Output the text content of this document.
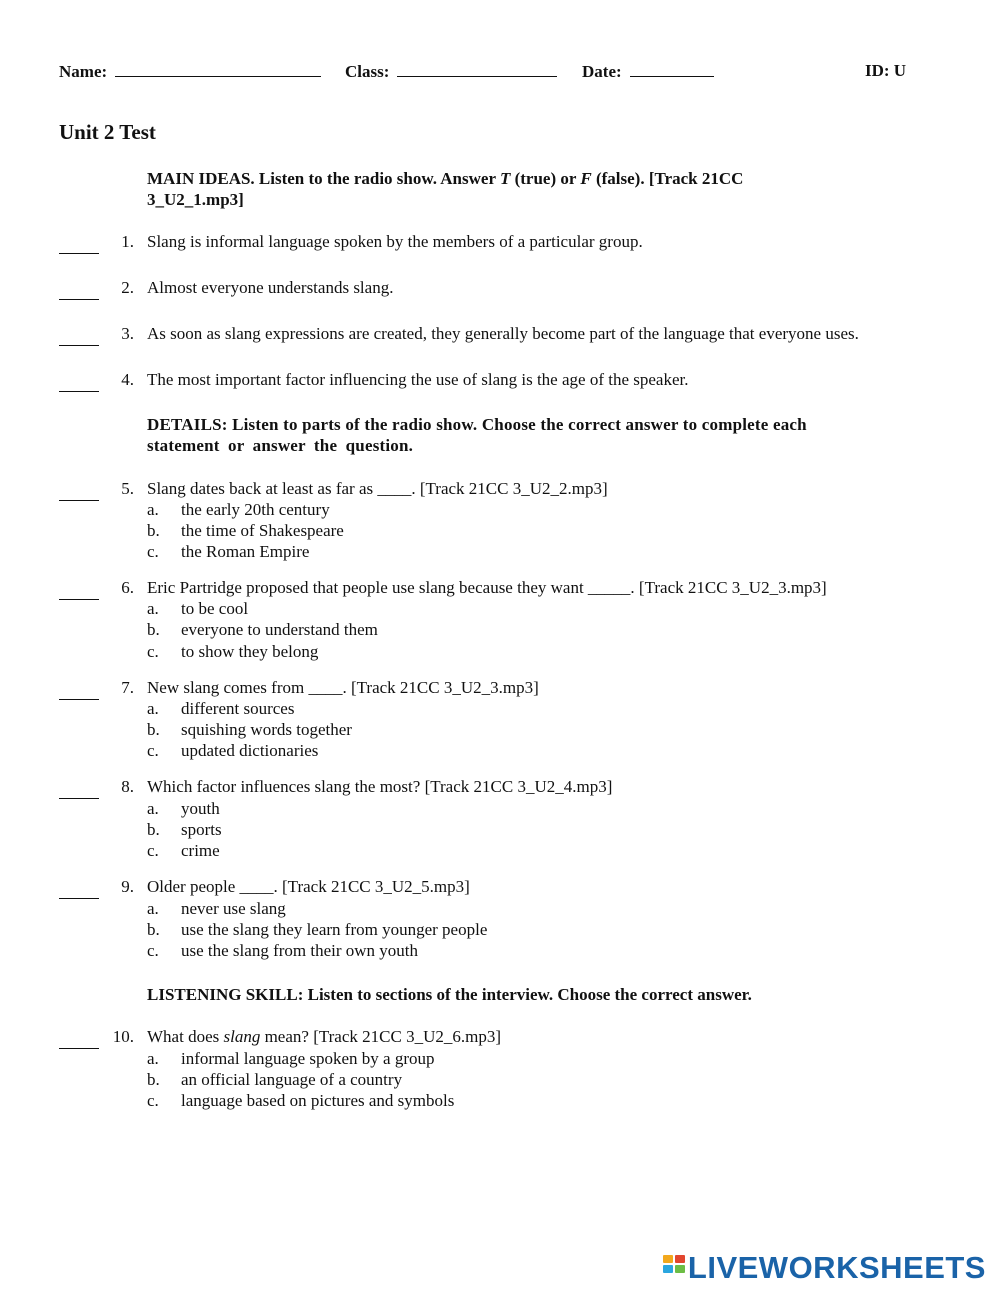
Name:	Class:	Date:	ID: U
Unit 2 Test
MAIN IDEAS. Listen to the radio show. Answer T (true) or F (false). [Track 21CC
3_U2_1.mp3]

1. Slang is informal language spoken by the members of a particular group.

2. Almost everyone understands slang.

3. As soon as slang expressions are created, they generally become part of the language that everyone uses.

4. The most important factor influencing the use of slang is the age of the speaker.
DETAILS: Listen to parts of the radio show. Choose the correct answer to complete each
statement or answer the question.

5. Slang dates back at least as far as ____. [Track 21CC 3_U2_2.mp3]
a. the early 20th century
b. the time of Shakespeare
c. the Roman Empire

6. Eric Partridge proposed that people use slang because they want _____. [Track 21CC 3_U2_3.mp3]
a. to be cool
b. everyone to understand them
c. to show they belong

7. New slang comes from ____. [Track 21CC 3_U2_3.mp3]
a. different sources
b. squishing words together
c. updated dictionaries

8. Which factor influences slang the most? [Track 21CC 3_U2_4.mp3]
a. youth
b. sports
c. crime

9. Older people ____. [Track 21CC 3_U2_5.mp3]
a. never use slang
b. use the slang they learn from younger people
c. use the slang from their own youth
LISTENING SKILL: Listen to sections of the interview. Choose the correct answer.

10. What does slang mean? [Track 21CC 3_U2_6.mp3]
a. informal language spoken by a group
b. an official language of a country
c. language based on pictures and symbols
LIVEWORKSHEETS
